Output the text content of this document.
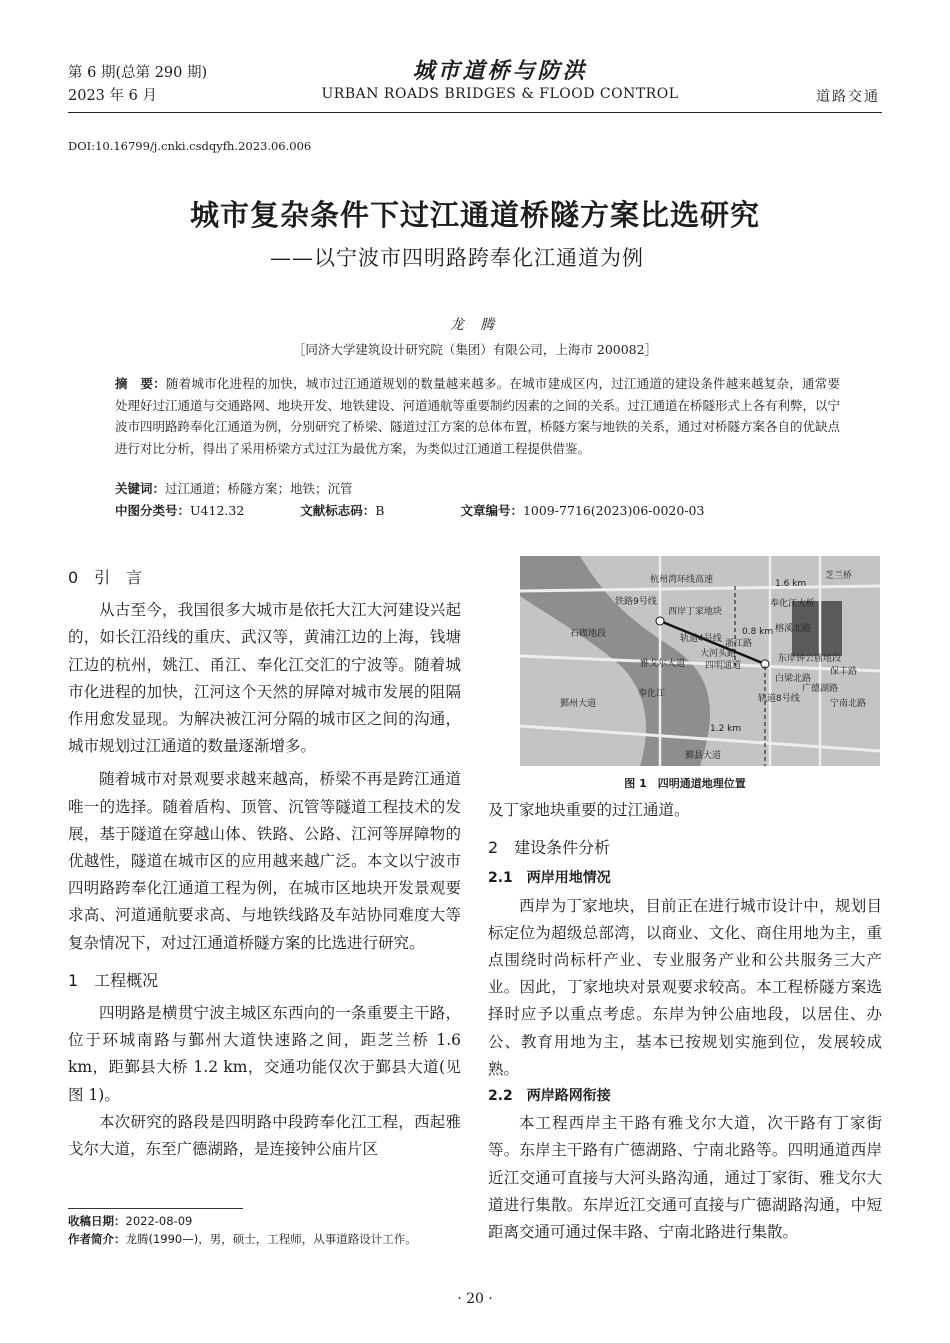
第 6 期(总第 290 期)
2023 年 6 月
城市道桥与防洪
URBAN ROADS BRIDGES & FLOOD CONTROL	道路交通
DOI:10.16799/j.cnki.csdqyfh.2023.06.006
城市复杂条件下过江通道桥隧方案比选研究
——以宁波市四明路跨奉化江通道为例
龙 腾
［同济大学建筑设计研究院（集团）有限公司，上海市 200082］
摘　要：随着城市化进程的加快，城市过江通道规划的数量越来越多。在城市建成区内，过江通道的建设条件越来越复杂，通常要处理好过江通道与交通路网、地块开发、地铁建设、河道通航等重要制约因素的之间的关系。过江通道在桥隧形式上各有利弊，以宁波市四明路跨奉化江通道为例，分别研究了桥梁、隧道过江方案的总体布置，桥隧方案与地铁的关系，通过对桥隧方案各自的优缺点进行对比分析，得出了采用桥梁方式过江为最优方案，为类似过江通道工程提供借鉴。
关键词：过江通道；桥隧方案；地铁；沉管
中图分类号：U412.32	文献标志码：B	文章编号：1009-7716(2023)06-0020-03
0　引　言
从古至今，我国很多大城市是依托大江大河建设兴起的，如长江沿线的重庆、武汉等，黄浦江边的上海，钱塘江边的杭州，姚江、甬江、奉化江交汇的宁波等。随着城市化进程的加快，江河这个天然的屏障对城市发展的阻隔作用愈发显现。为解决被江河分隔的城市区之间的沟通，城市规划过江通道的数量逐渐增多。
随着城市对景观要求越来越高，桥梁不再是跨江通道唯一的选择。随着盾构、顶管、沉管等隧道工程技术的发展，基于隧道在穿越山体、铁路、公路、江河等屏障物的优越性，隧道在城市区的应用越来越广泛。本文以宁波市四明路跨奉化江通道工程为例，在城市区地块开发景观要求高、河道通航要求高、与地铁线路及车站协同难度大等复杂情况下，对过江通道桥隧方案的比选进行研究。
1　工程概况
四明路是横贯宁波主城区东西向的一条重要主干路，位于环城南路与鄞州大道快速路之间，距芝兰桥 1.6 km，距鄞县大桥 1.2 km，交通功能仅次于鄞县大道(见图 1)。
本次研究的路段是四明路中段跨奉化江工程，西起雅戈尔大道，东至广德湖路，是连接钟公庙片区
杭州湾环线高速	芝兰桥
奉化江大桥
1.6 km
0.8 km
1.2 km
西岸丁家地块
东岸钟公庙地段
石碶地段
铁路9号线
雅戈尔大道
奉化江
四明通道
大河头路
浙江路
轨道4号线
榕溪北路
白梁北路
轨道8号线
广德湖路
保丰路
宁南北路
鄞州大道
鄞县大道
图 1　四明通道地理位置
及丁家地块重要的过江通道。
2　建设条件分析
2.1　两岸用地情况
西岸为丁家地块，目前正在进行城市设计中，规划目标定位为超级总部湾，以商业、文化、商住用地为主，重点围绕时尚标杆产业、专业服务产业和公共服务三大产业。因此，丁家地块对景观要求较高。本工程桥隧方案选择时应予以重点考虑。东岸为钟公庙地段，以居住、办公、教育用地为主，基本已按规划实施到位，发展较成熟。
2.2　两岸路网衔接
本工程西岸主干路有雅戈尔大道，次干路有丁家街等。东岸主干路有广德湖路、宁南北路等。四明通道西岸近江交通可直接与大河头路沟通，通过丁家街、雅戈尔大道进行集散。东岸近江交通可直接与广德湖路沟通，中短距离交通可通过保丰路、宁南北路进行集散。
收稿日期：2022-08-09
作者简介：龙腾(1990—)，男，硕士，工程师，从事道路设计工作。
· 20 ·
